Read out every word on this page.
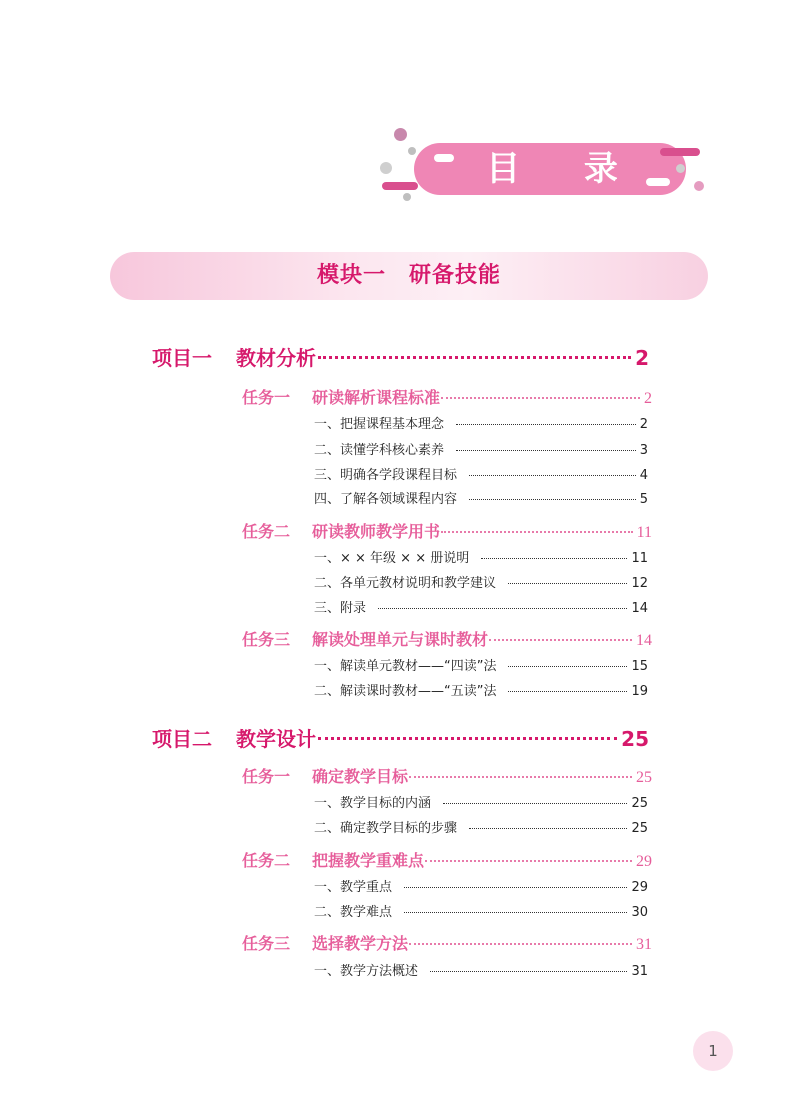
目 录
模块一　研备技能
项目一	教材分析	2
任务一	研读解析课程标准	2
一、把握课程基本理念	2
二、读懂学科核心素养	3
三、明确各学段课程目标	4
四、了解各领域课程内容	5
任务二	研读教师教学用书	11
一、× × 年级 × × 册说明	11
二、各单元教材说明和教学建议	12
三、附录	14
任务三	解读处理单元与课时教材	14
一、解读单元教材——“四读”法	15
二、解读课时教材——“五读”法	19
项目二	教学设计	25
任务一	确定教学目标	25
一、教学目标的内涵	25
二、确定教学目标的步骤	25
任务二	把握教学重难点	29
一、教学重点	29
二、教学难点	30
任务三	选择教学方法	31
一、教学方法概述	31
1
